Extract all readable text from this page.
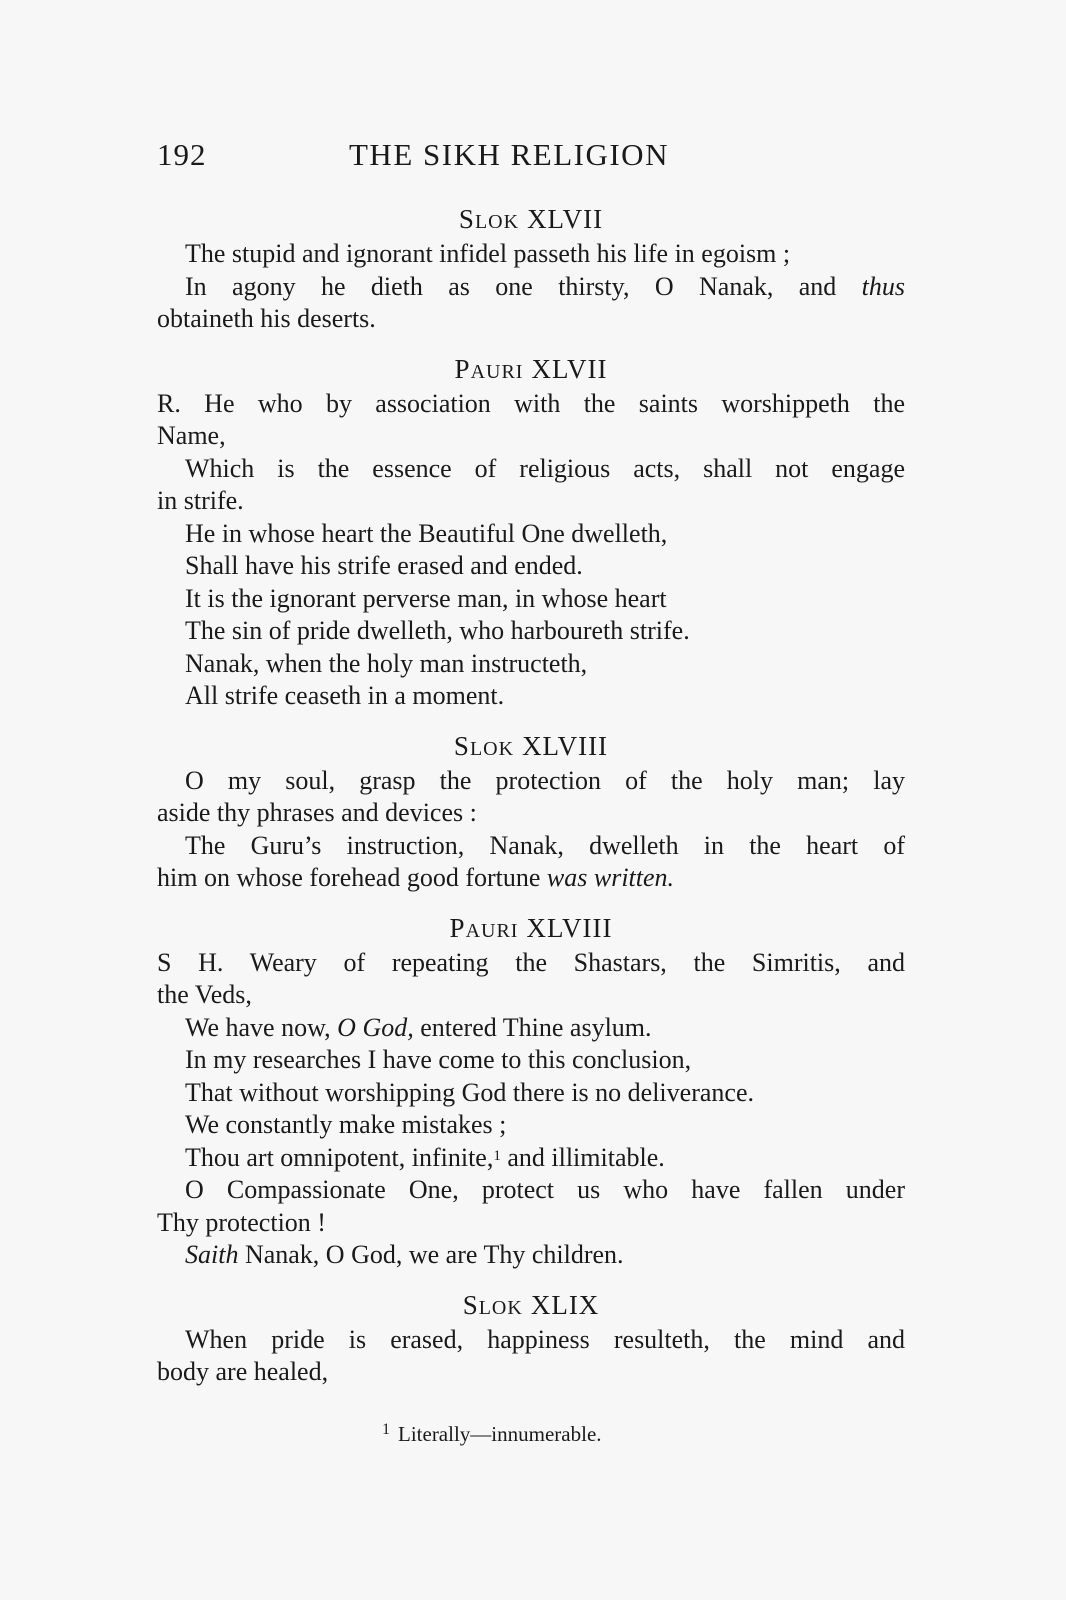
192	THE SIKH RELIGION
SLOK XLVII

The stupid and ignorant infidel passeth his life in egoism ;

In agony he dieth as one thirsty, O Nanak, and thus

obtaineth his deserts.

PAURI XLVII

R. He who by association with the saints worshippeth the

Name,

Which is the essence of religious acts, shall not engage

in strife.

He in whose heart the Beautiful One dwelleth,

Shall have his strife erased and ended.

It is the ignorant perverse man, in whose heart

The sin of pride dwelleth, who harboureth strife.

Nanak, when the holy man instructeth,

All strife ceaseth in a moment.

SLOK XLVIII

O my soul, grasp the protection of the holy man; lay

aside thy phrases and devices :

The Guru’s instruction, Nanak, dwelleth in the heart of

him on whose forehead good fortune was written.

PAURI XLVIII

S H. Weary of repeating the Shastars, the Simritis, and

the Veds,

We have now, O God, entered Thine asylum.

In my researches I have come to this conclusion,

That without worshipping God there is no deliverance.

We constantly make mistakes ;

Thou art omnipotent, infinite,$^1$ and illimitable.

O Compassionate One, protect us who have fallen under

Thy protection !

Saith Nanak, O God, we are Thy children.

SLOK XLIX

When pride is erased, happiness resulteth, the mind and

body are healed,

$^1$ Literally—innumerable.
